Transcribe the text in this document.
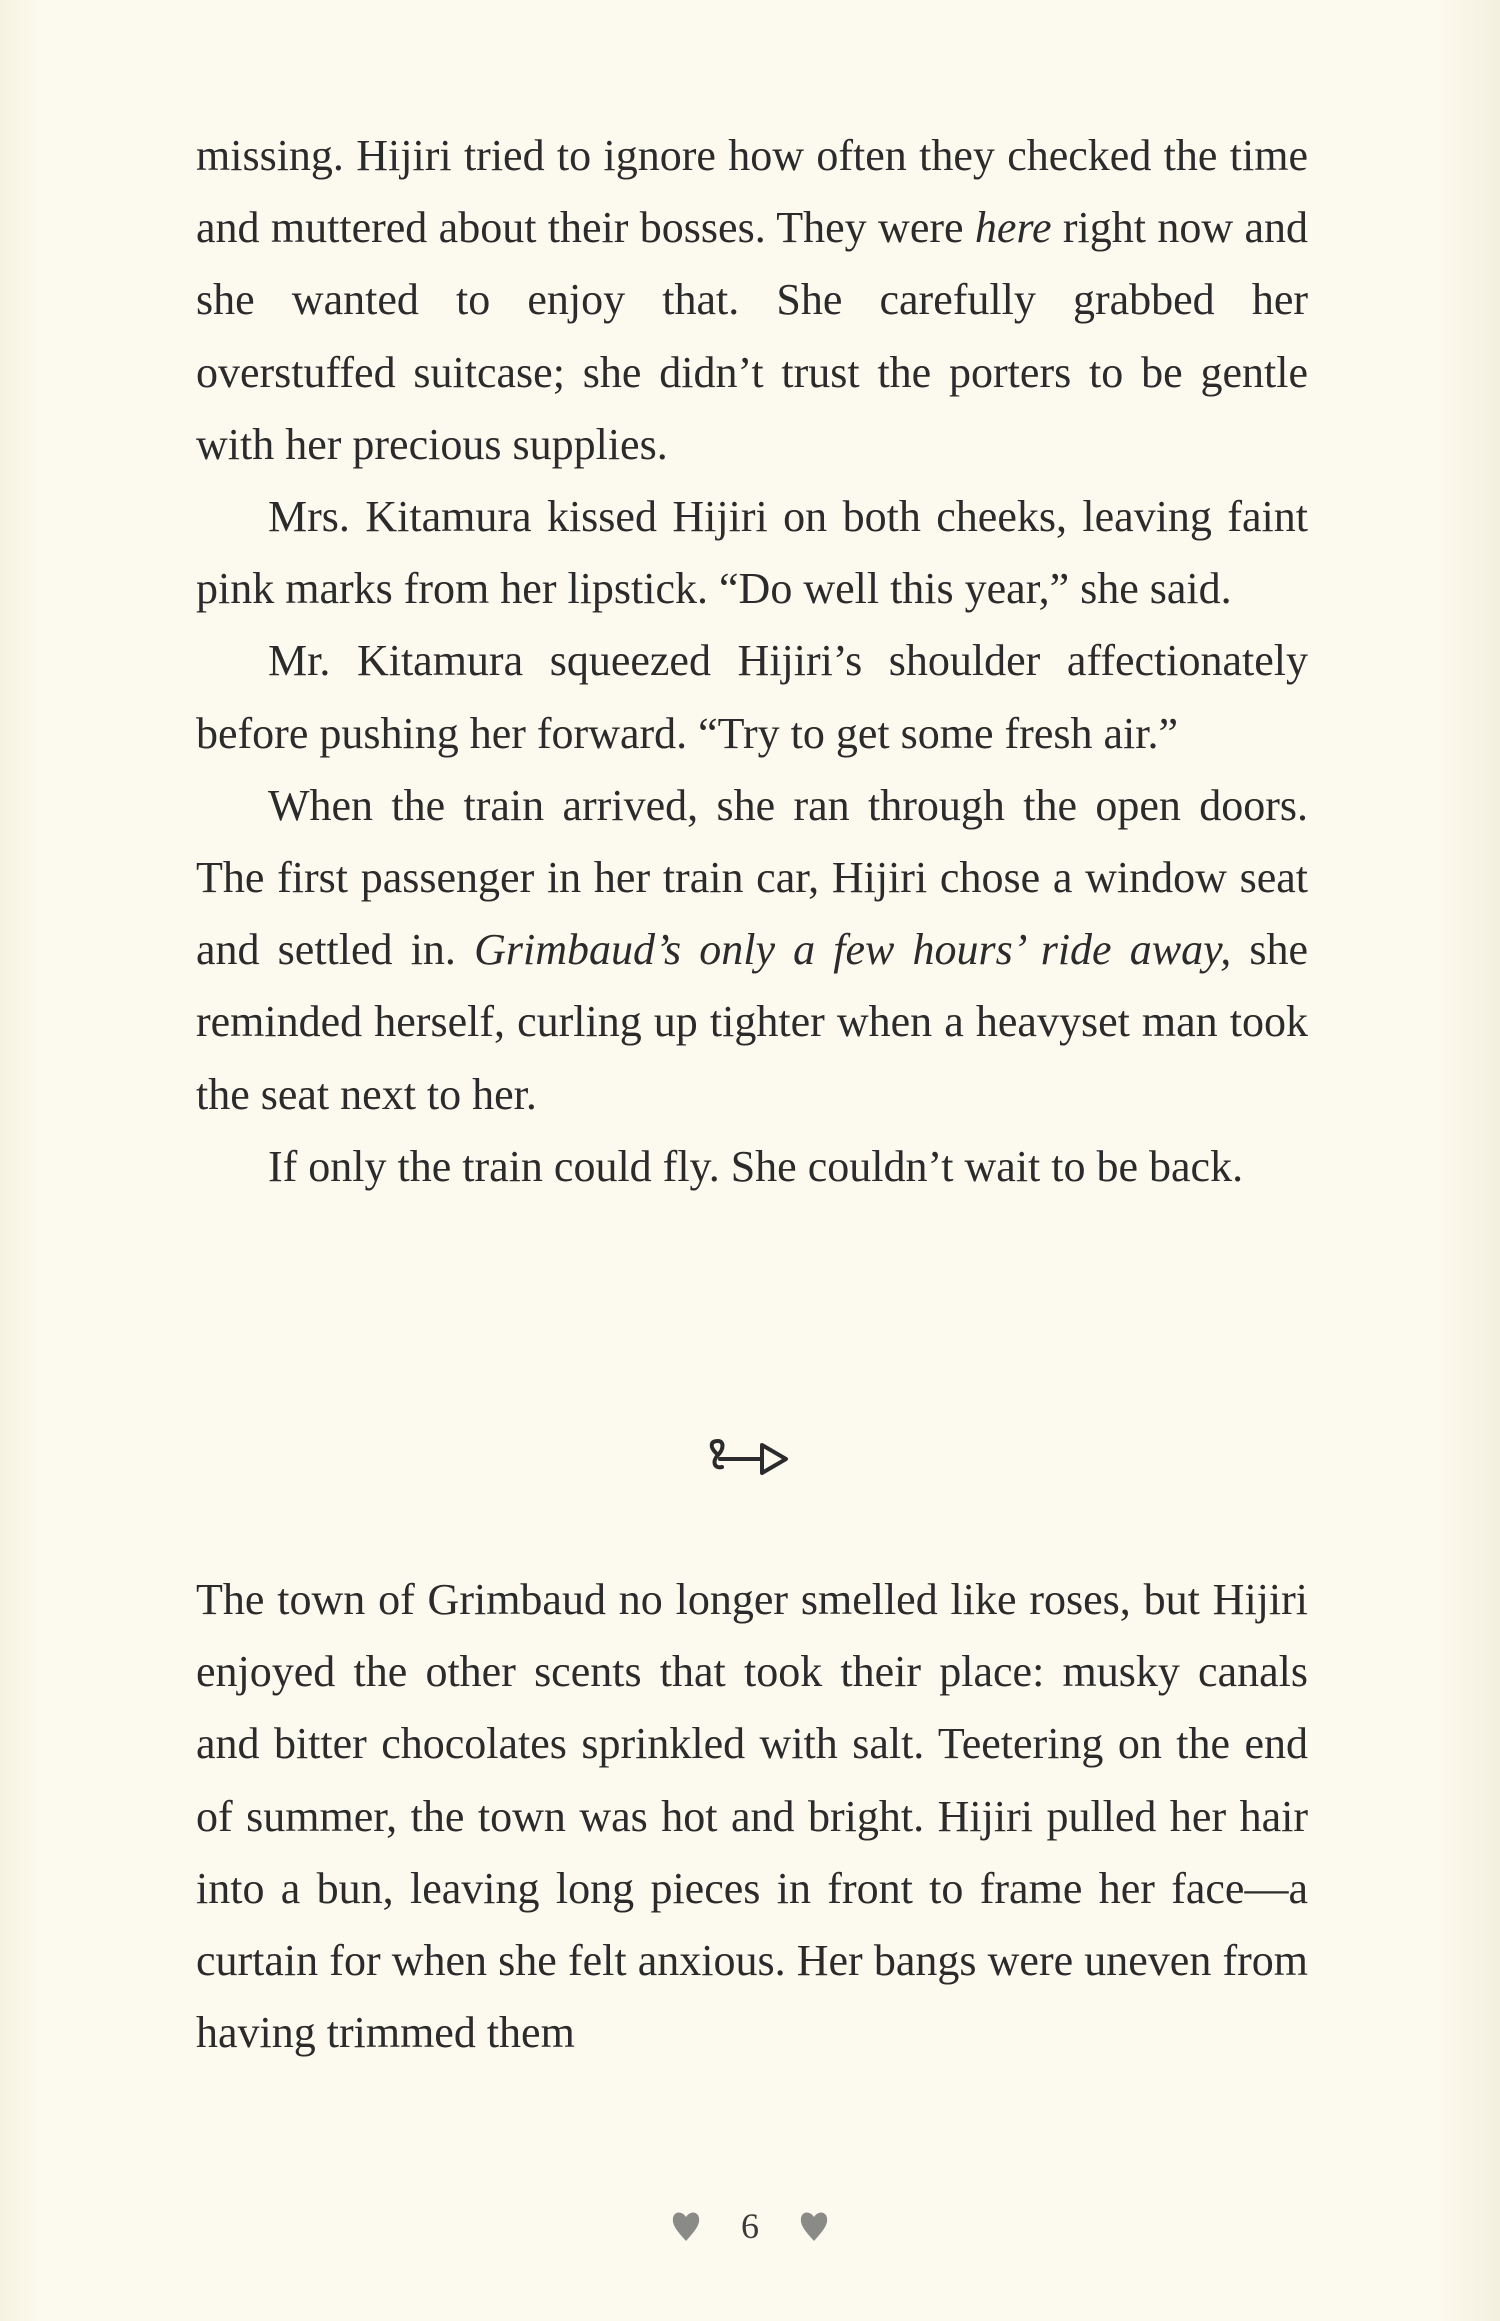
missing. Hijiri tried to ignore how often they checked the time and muttered about their bosses. They were here right now and she wanted to enjoy that. She carefully grabbed her overstuffed suitcase; she didn’t trust the porters to be gentle with her precious supplies.

Mrs. Kitamura kissed Hijiri on both cheeks, leaving faint pink marks from her lipstick. “Do well this year,” she said.

Mr. Kitamura squeezed Hijiri’s shoulder affectionately before pushing her forward. “Try to get some fresh air.”

When the train arrived, she ran through the open doors. The first passenger in her train car, Hijiri chose a window seat and settled in. Grimbaud’s only a few hours’ ride away, she reminded herself, curling up tighter when a heavyset man took the seat next to her.

If only the train could fly. She couldn’t wait to be back.

The town of Grimbaud no longer smelled like roses, but Hijiri enjoyed the other scents that took their place: musky canals and bitter chocolates sprinkled with salt. Teetering on the end of summer, the town was hot and bright. Hijiri pulled her hair into a bun, leaving long pieces in front to frame her face—a curtain for when she felt anxious. Her bangs were uneven from having trimmed them

6
